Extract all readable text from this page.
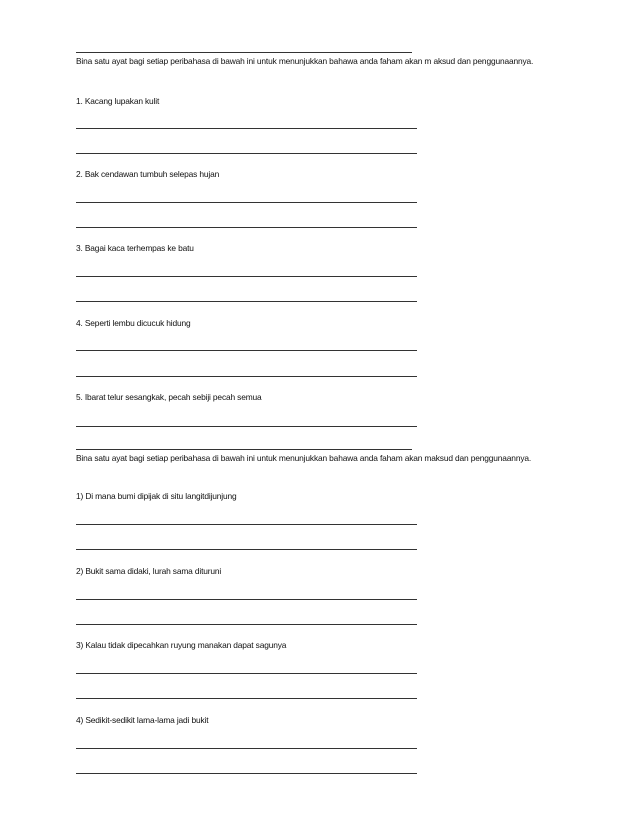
Bina satu ayat bagi setiap peribahasa di bawah ini untuk menunjukkan bahawa anda faham akan m aksud dan penggunaannya.
1. Kacang lupakan kulit
2. Bak cendawan tumbuh selepas hujan
3. Bagai kaca terhempas ke batu
4. Seperti lembu dicucuk hidung
5. Ibarat telur sesangkak, pecah sebiji pecah semua
Bina satu ayat bagi setiap peribahasa di bawah ini untuk menunjukkan bahawa anda faham akan maksud dan penggunaannya.
1) Di mana bumi dipijak di situ langitdijunjung
2) Bukit sama didaki, lurah sama dituruni
3) Kalau tidak dipecahkan ruyung manakan dapat sagunya
4) Sedikit-sedikit lama-lama jadi bukit
